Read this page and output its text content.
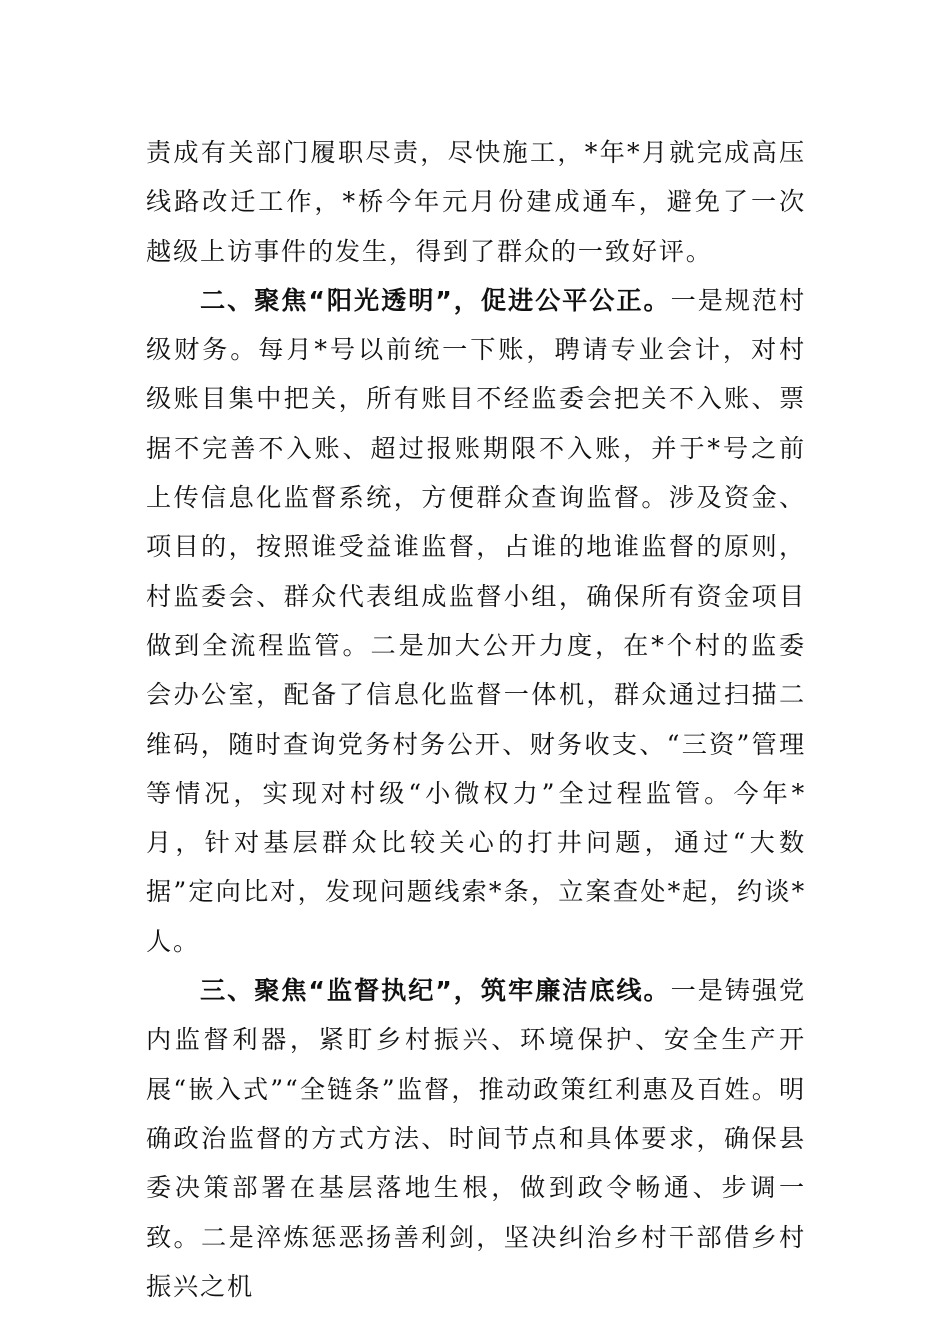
责成有关部门履职尽责，尽快施工，*年*月就完成高压线路改迁工作，*桥今年元月份建成通车，避免了一次越级上访事件的发生，得到了群众的一致好评。

二、聚焦“阳光透明”，促进公平公正。一是规范村级财务。每月*号以前统一下账，聘请专业会计，对村级账目集中把关，所有账目不经监委会把关不入账、票据不完善不入账、超过报账期限不入账，并于*号之前上传信息化监督系统，方便群众查询监督。涉及资金、项目的，按照谁受益谁监督，占谁的地谁监督的原则，村监委会、群众代表组成监督小组，确保所有资金项目做到全流程监管。二是加大公开力度，在*个村的监委会办公室，配备了信息化监督一体机，群众通过扫描二维码，随时查询党务村务公开、财务收支、“三资”管理等情况，实现对村级“小微权力”全过程监管。今年*月，针对基层群众比较关心的打井问题，通过“大数据”定向比对，发现问题线索*条，立案查处*起，约谈*人。

三、聚焦“监督执纪”，筑牢廉洁底线。一是铸强党内监督利器，紧盯乡村振兴、环境保护、安全生产开展“嵌入式”“全链条”监督，推动政策红利惠及百姓。明确政治监督的方式方法、时间节点和具体要求，确保县委决策部署在基层落地生根，做到政令畅通、步调一致。二是淬炼惩恶扬善利剑，坚决纠治乡村干部借乡村振兴之机
